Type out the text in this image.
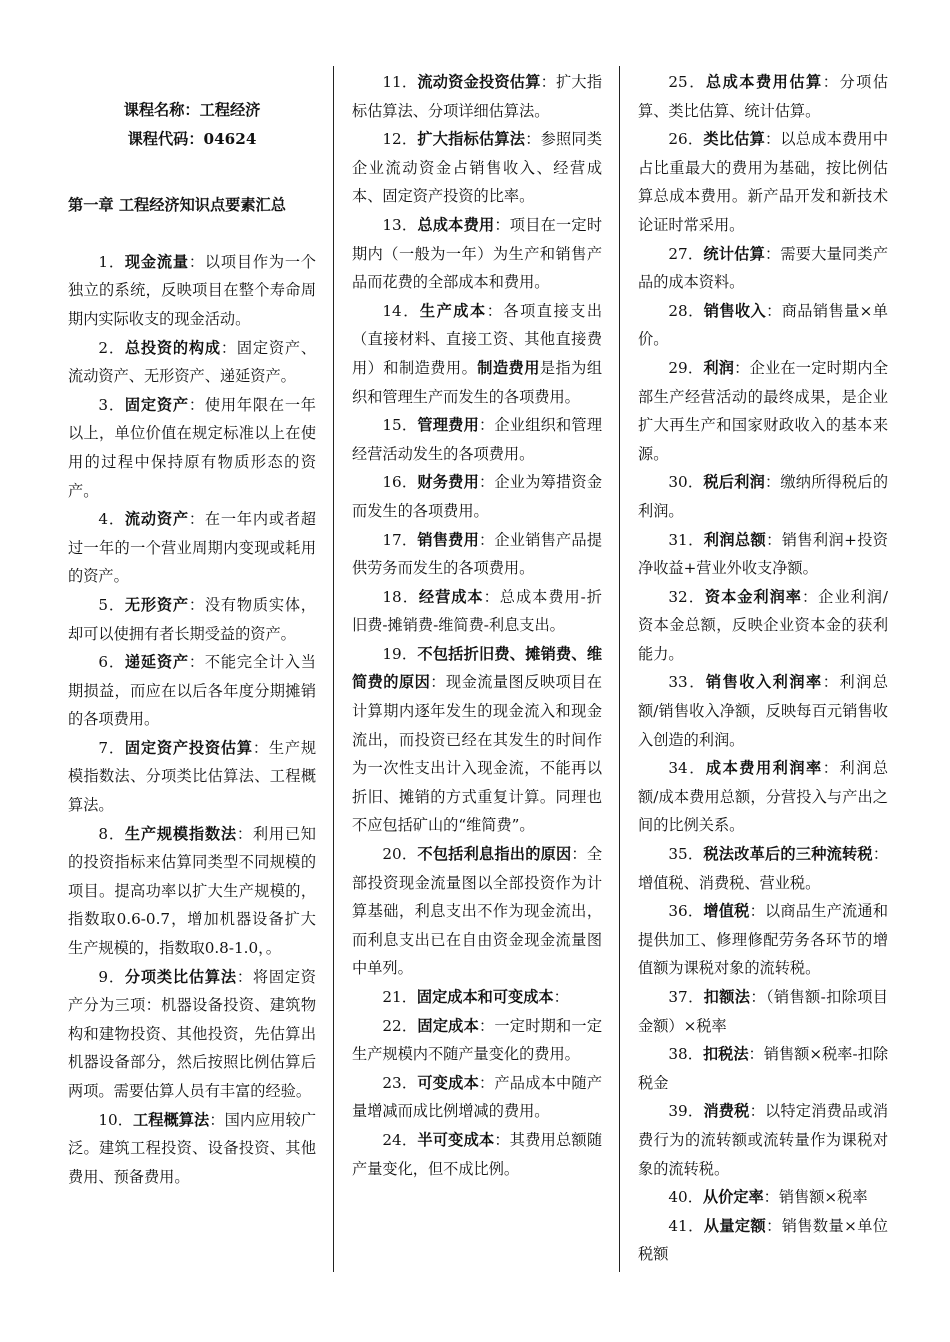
课程名称：工程经济

课程代码：04624

第一章 工程经济知识点要素汇总

1．现金流量：以项目作为一个独立的系统，反映项目在整个寿命周期内实际收支的现金活动。

2．总投资的构成：固定资产、流动资产、无形资产、递延资产。

3．固定资产：使用年限在一年以上，单位价值在规定标准以上在使用的过程中保持原有物质形态的资产。

4．流动资产：在一年内或者超过一年的一个营业周期内变现或耗用的资产。

5．无形资产：没有物质实体，却可以使拥有者长期受益的资产。

6．递延资产：不能完全计入当期损益，而应在以后各年度分期摊销的各项费用。

7．固定资产投资估算：生产规模指数法、分项类比估算法、工程概算法。

8．生产规模指数法：利用已知的投资指标来估算同类型不同规模的项目。提高功率以扩大生产规模的，指数取0.6-0.7，增加机器设备扩大生产规模的，指数取0.8-1.0，。

9．分项类比估算法：将固定资产分为三项：机器设备投资、建筑物构和建物投资、其他投资，先估算出机器设备部分，然后按照比例估算后两项。需要估算人员有丰富的经验。

10．工程概算法：国内应用较广泛。建筑工程投资、设备投资、其他费用、预备费用。

11．流动资金投资估算：扩大指标估算法、分项详细估算法。

12．扩大指标估算法：参照同类企业流动资金占销售收入、经营成本、固定资产投资的比率。

13．总成本费用：项目在一定时期内（一般为一年）为生产和销售产品而花费的全部成本和费用。

14．生产成本：各项直接支出（直接材料、直接工资、其他直接费用）和制造费用。制造费用是指为组织和管理生产而发生的各项费用。

15．管理费用：企业组织和管理经营活动发生的各项费用。

16．财务费用：企业为筹措资金而发生的各项费用。

17．销售费用：企业销售产品提供劳务而发生的各项费用。

18．经营成本：总成本费用-折旧费-摊销费-维简费-利息支出。

19．不包括折旧费、摊销费、维简费的原因：现金流量图反映项目在计算期内逐年发生的现金流入和现金流出，而投资已经在其发生的时间作为一次性支出计入现金流，不能再以折旧、摊销的方式重复计算。同理也不应包括矿山的“维简费”。

20．不包括利息指出的原因：全部投资现金流量图以全部投资作为计算基础，利息支出不作为现金流出，而利息支出已在自由资金现金流量图中单列。

21．固定成本和可变成本：

22．固定成本：一定时期和一定生产规模内不随产量变化的费用。

23．可变成本：产品成本中随产量增减而成比例增减的费用。

24．半可变成本：其费用总额随产量变化，但不成比例。

25．总成本费用估算：分项估算、类比估算、统计估算。

26．类比估算：以总成本费用中占比重最大的费用为基础，按比例估算总成本费用。新产品开发和新技术论证时常采用。

27．统计估算：需要大量同类产品的成本资料。

28．销售收入：商品销售量×单价。

29．利润：企业在一定时期内全部生产经营活动的最终成果，是企业扩大再生产和国家财政收入的基本来源。

30．税后利润：缴纳所得税后的利润。

31．利润总额：销售利润+投资净收益+营业外收支净额。

32．资本金利润率：企业利润/资本金总额，反映企业资本金的获利能力。

33．销售收入利润率：利润总额/销售收入净额，反映每百元销售收入创造的利润。

34．成本费用利润率：利润总额/成本费用总额，分营投入与产出之间的比例关系。

35．税法改革后的三种流转税：增值税、消费税、营业税。

36．增值税：以商品生产流通和提供加工、修理修配劳务各环节的增值额为课税对象的流转税。

37．扣额法：（销售额-扣除项目金额）×税率

38．扣税法：销售额×税率-扣除税金

39．消费税：以特定消费品或消费行为的流转额或流转量作为课税对象的流转税。

40．从价定率：销售额×税率

41．从量定额：销售数量×单位税额
